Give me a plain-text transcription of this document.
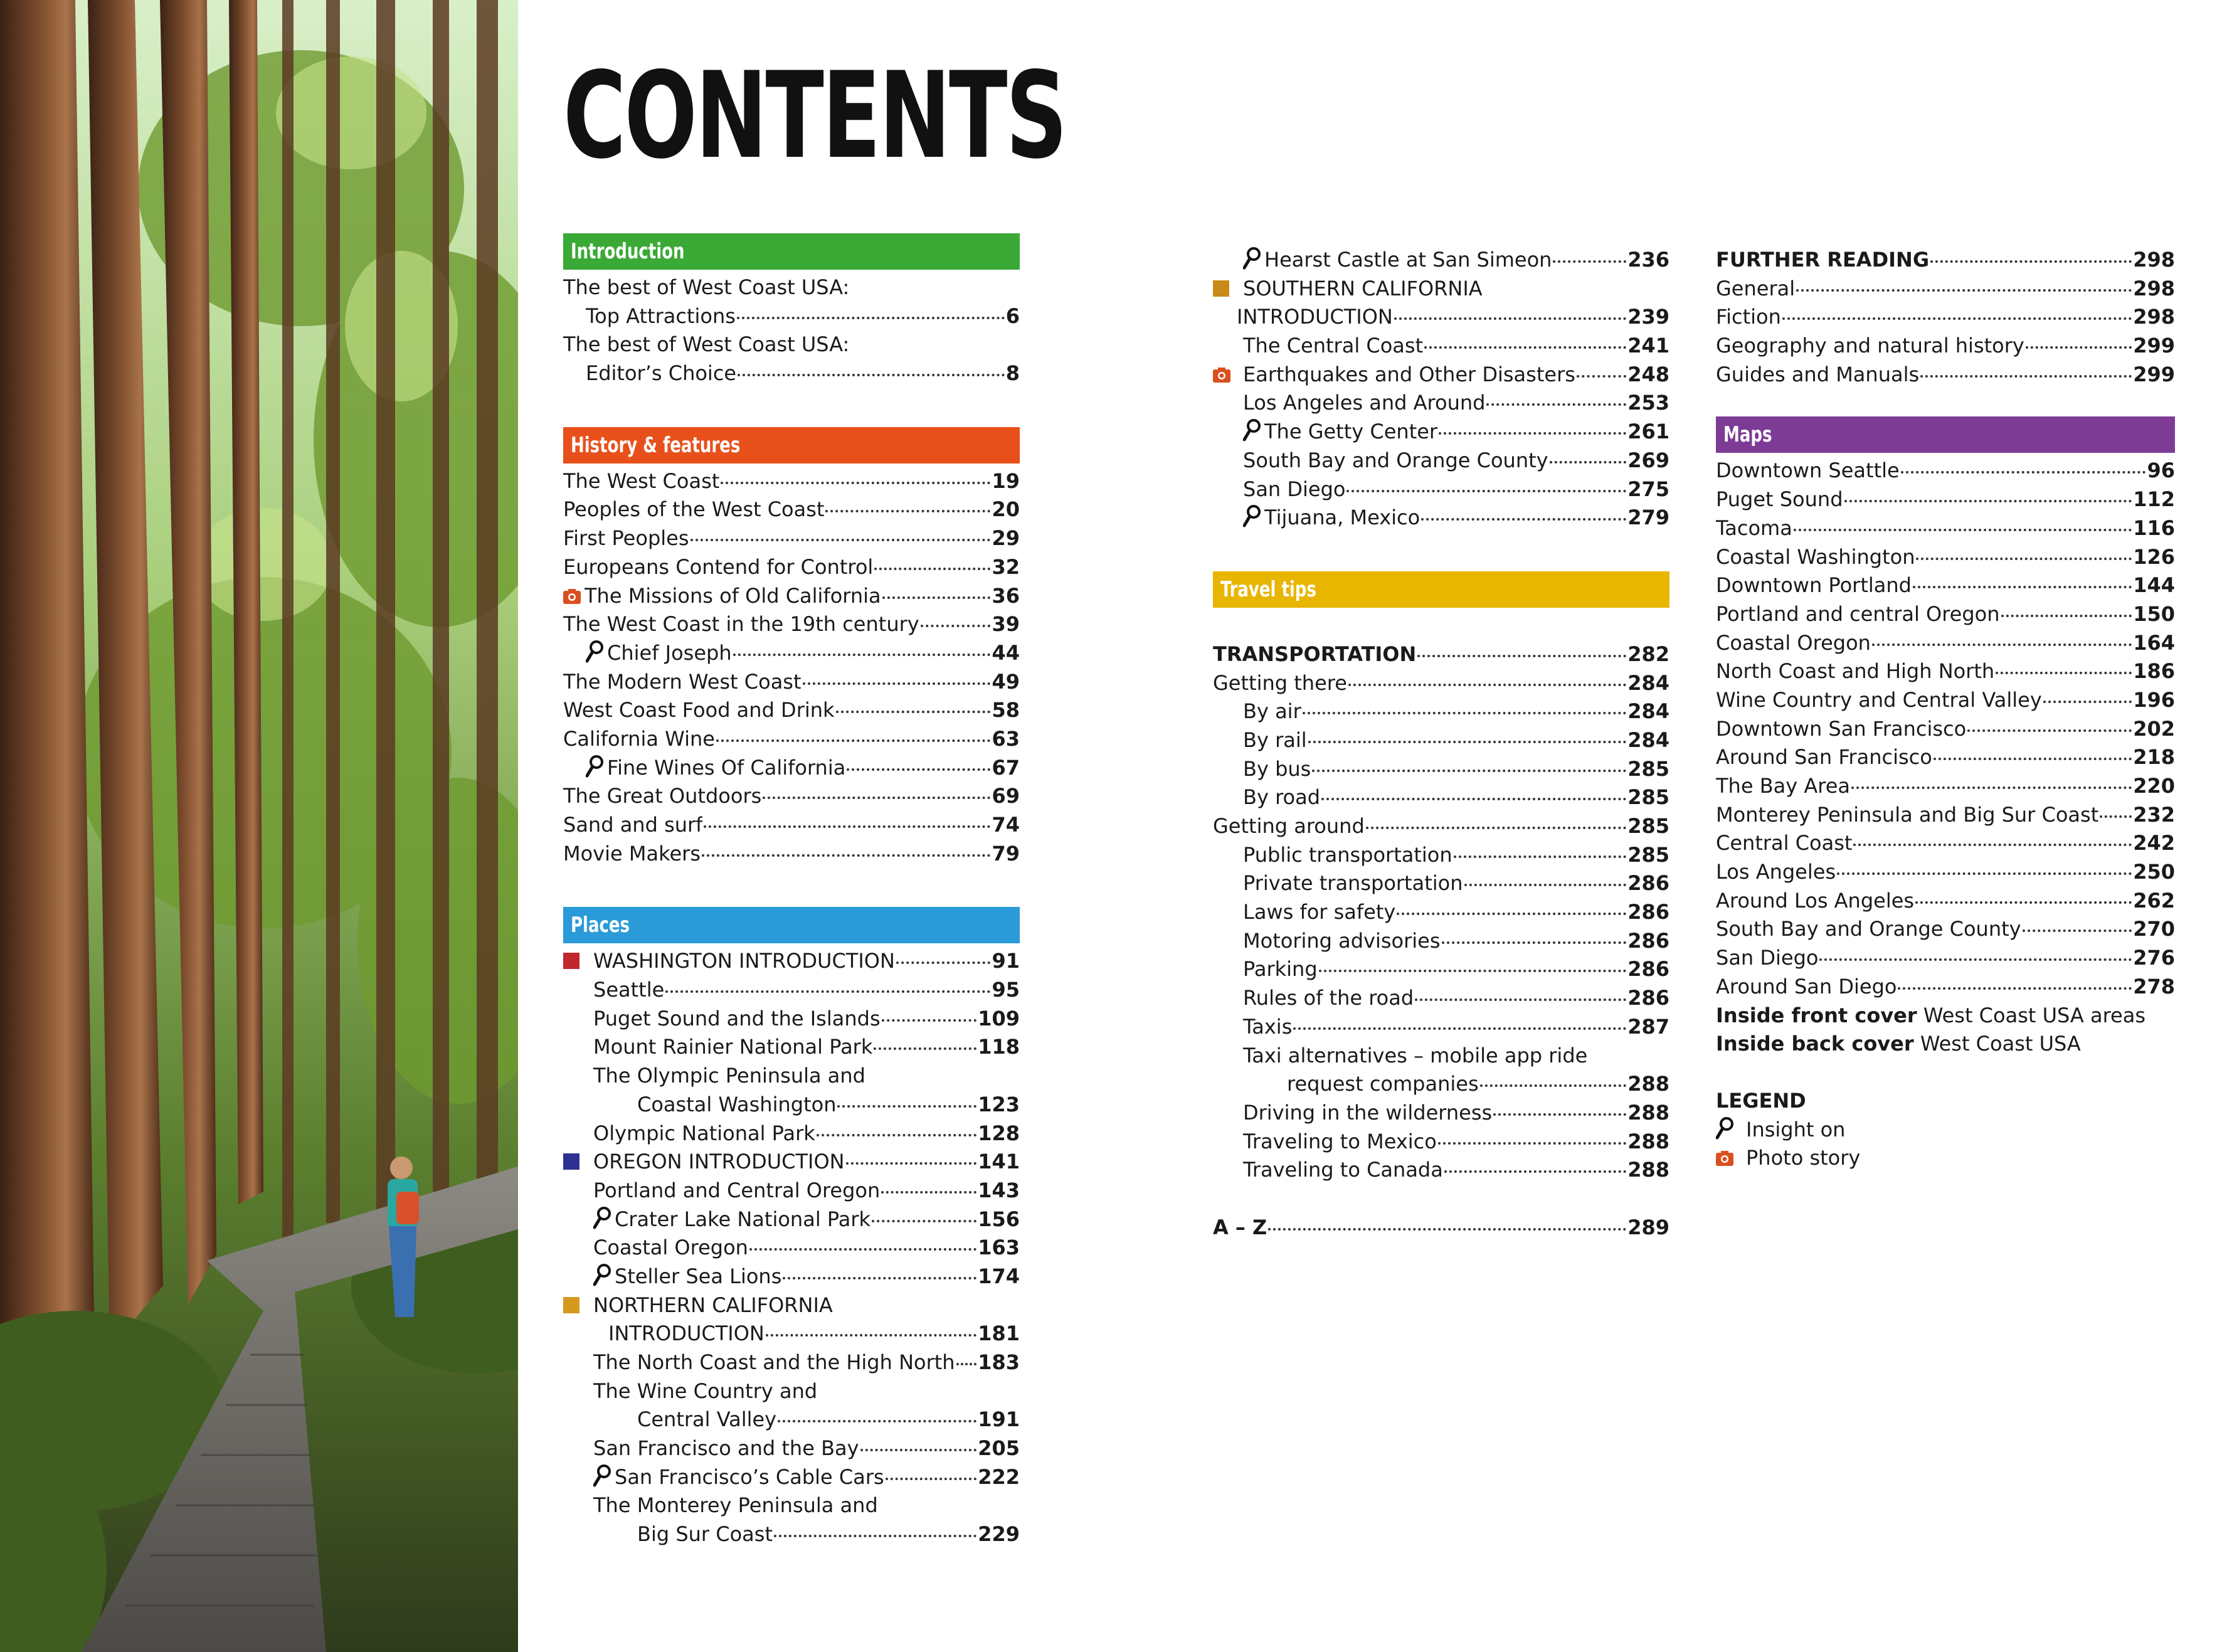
CONTENTS
Introduction
The best of West Coast USA:
Top Attractions	6
The best of West Coast USA:
Editor’s Choice	8
History & features
The West Coast	19
Peoples of the West Coast	20
First Peoples	29
Europeans Contend for Control	32
The Missions of Old California	36
The West Coast in the 19th century	39
Chief Joseph	44
The Modern West Coast	49
West Coast Food and Drink	58
California Wine	63
Fine Wines Of California	67
The Great Outdoors	69
Sand and surf	74
Movie Makers	79
Places
WASHINGTON INTRODUCTION	91
Seattle	95
Puget Sound and the Islands	109
Mount Rainier National Park	118
The Olympic Peninsula and
Coastal Washington	123
Olympic National Park	128
OREGON INTRODUCTION	141
Portland and Central Oregon	143
Crater Lake National Park	156
Coastal Oregon	163
Steller Sea Lions	174
NORTHERN CALIFORNIA
INTRODUCTION	181
The North Coast and the High North 183
The Wine Country and
Central Valley	191
San Francisco and the Bay	205
San Francisco’s Cable Cars	222
The Monterey Peninsula and
Big Sur Coast	229
Hearst Castle at San Simeon	236
SOUTHERN CALIFORNIA
INTRODUCTION	239
The Central Coast	241
Earthquakes and Other Disasters	248
Los Angeles and Around	253
The Getty Center	261
South Bay and Orange County	269
San Diego	275
Tijuana, Mexico	279
Travel tips
TRANSPORTATION	282
Getting there	284
By air	284
By rail	284
By bus	285
By road	285
Getting around	285
Public transportation	285
Private transportation	286
Laws for safety	286
Motoring advisories	286
Parking	286
Rules of the road	286
Taxis	287
Taxi alternatives – mobile app ride
request companies	288
Driving in the wilderness	288
Traveling to Mexico	288
Traveling to Canada	288
A – Z	289
FURTHER READING	298
General	298
Fiction	298
Geography and natural history	299
Guides and Manuals	299
Maps
Downtown Seattle	96
Puget Sound	112
Tacoma	116
Coastal Washington	126
Downtown Portland	144
Portland and central Oregon	150
Coastal Oregon	164
North Coast and High North	186
Wine Country and Central Valley	196
Downtown San Francisco	202
Around San Francisco	218
The Bay Area	220
Monterey Peninsula and Big Sur Coast 232
Central Coast	242
Los Angeles	250
Around Los Angeles	262
South Bay and Orange County	270
San Diego	276
Around San Diego	278
Inside front cover West Coast USA areas
Inside back cover West Coast USA
LEGEND
Insight on
Photo story
